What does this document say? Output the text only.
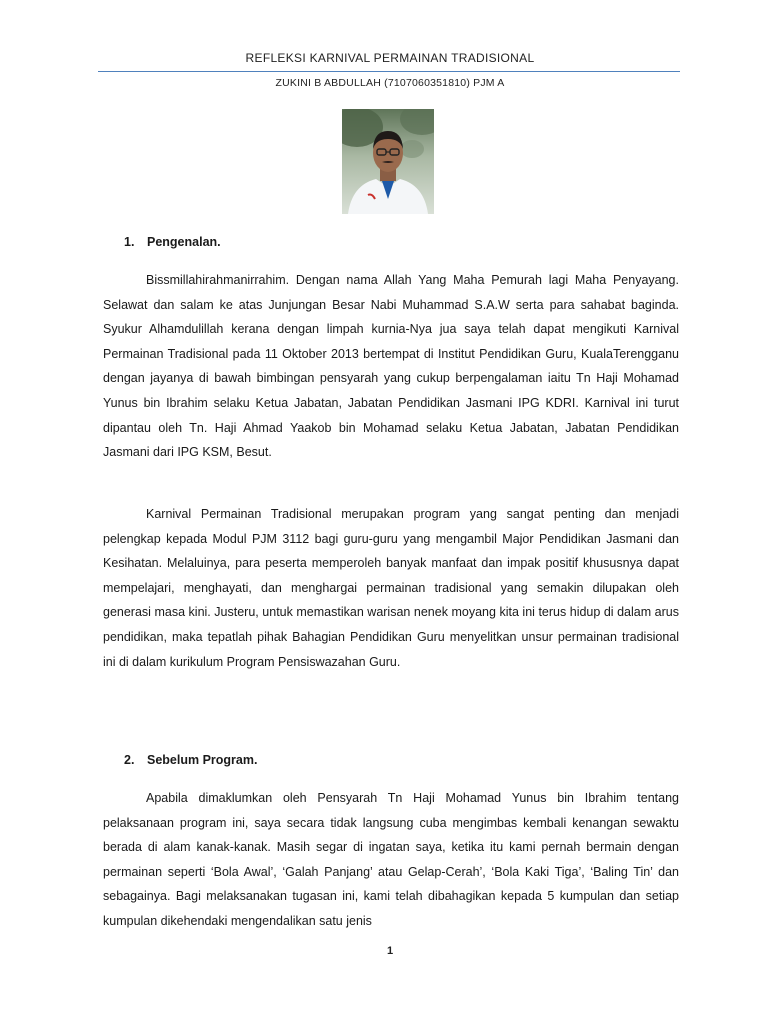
REFLEKSI KARNIVAL PERMAINAN TRADISIONAL
ZUKINI B ABDULLAH (7107060351810) PJM A
1. Pengenalan.
Bissmillahirahmanirrahim. Dengan nama Allah Yang Maha Pemurah lagi Maha Penyayang. Selawat dan salam ke atas Junjungan Besar Nabi Muhammad S.A.W serta para sahabat baginda. Syukur Alhamdulillah kerana dengan limpah kurnia-Nya jua saya telah dapat mengikuti Karnival Permainan Tradisional pada 11 Oktober 2013 bertempat di Institut Pendidikan Guru, KualaTerengganu dengan jayanya di bawah bimbingan pensyarah yang cukup berpengalaman iaitu Tn Haji Mohamad Yunus bin Ibrahim selaku Ketua Jabatan, Jabatan Pendidikan Jasmani IPG KDRI. Karnival ini turut dipantau oleh Tn. Haji Ahmad Yaakob bin Mohamad selaku Ketua Jabatan, Jabatan Pendidikan Jasmani dari IPG KSM, Besut.
Karnival Permainan Tradisional merupakan program yang sangat penting dan menjadi pelengkap kepada Modul PJM 3112 bagi guru-guru yang mengambil Major Pendidikan Jasmani dan Kesihatan. Melaluinya, para peserta memperoleh banyak manfaat dan impak positif khususnya dapat mempelajari, menghayati, dan menghargai permainan tradisional yang semakin dilupakan oleh generasi masa kini. Justeru, untuk memastikan warisan nenek moyang kita ini terus hidup di dalam arus pendidikan, maka tepatlah pihak Bahagian Pendidikan Guru menyelitkan unsur permainan tradisional ini di dalam kurikulum Program Pensiswazahan Guru.
2. Sebelum Program.
Apabila dimaklumkan oleh Pensyarah Tn Haji Mohamad Yunus bin Ibrahim tentang pelaksanaan program ini, saya secara tidak langsung cuba mengimbas kembali kenangan sewaktu berada di alam kanak-kanak. Masih segar di ingatan saya, ketika itu kami pernah bermain dengan permainan seperti ‘Bola Awal’, ‘Galah Panjang’ atau Gelap-Cerah’, ‘Bola Kaki Tiga’, ‘Baling Tin’ dan sebagainya. Bagi melaksanakan tugasan ini, kami telah dibahagikan kepada 5 kumpulan dan setiap kumpulan dikehendaki mengendalikan satu jenis
1
